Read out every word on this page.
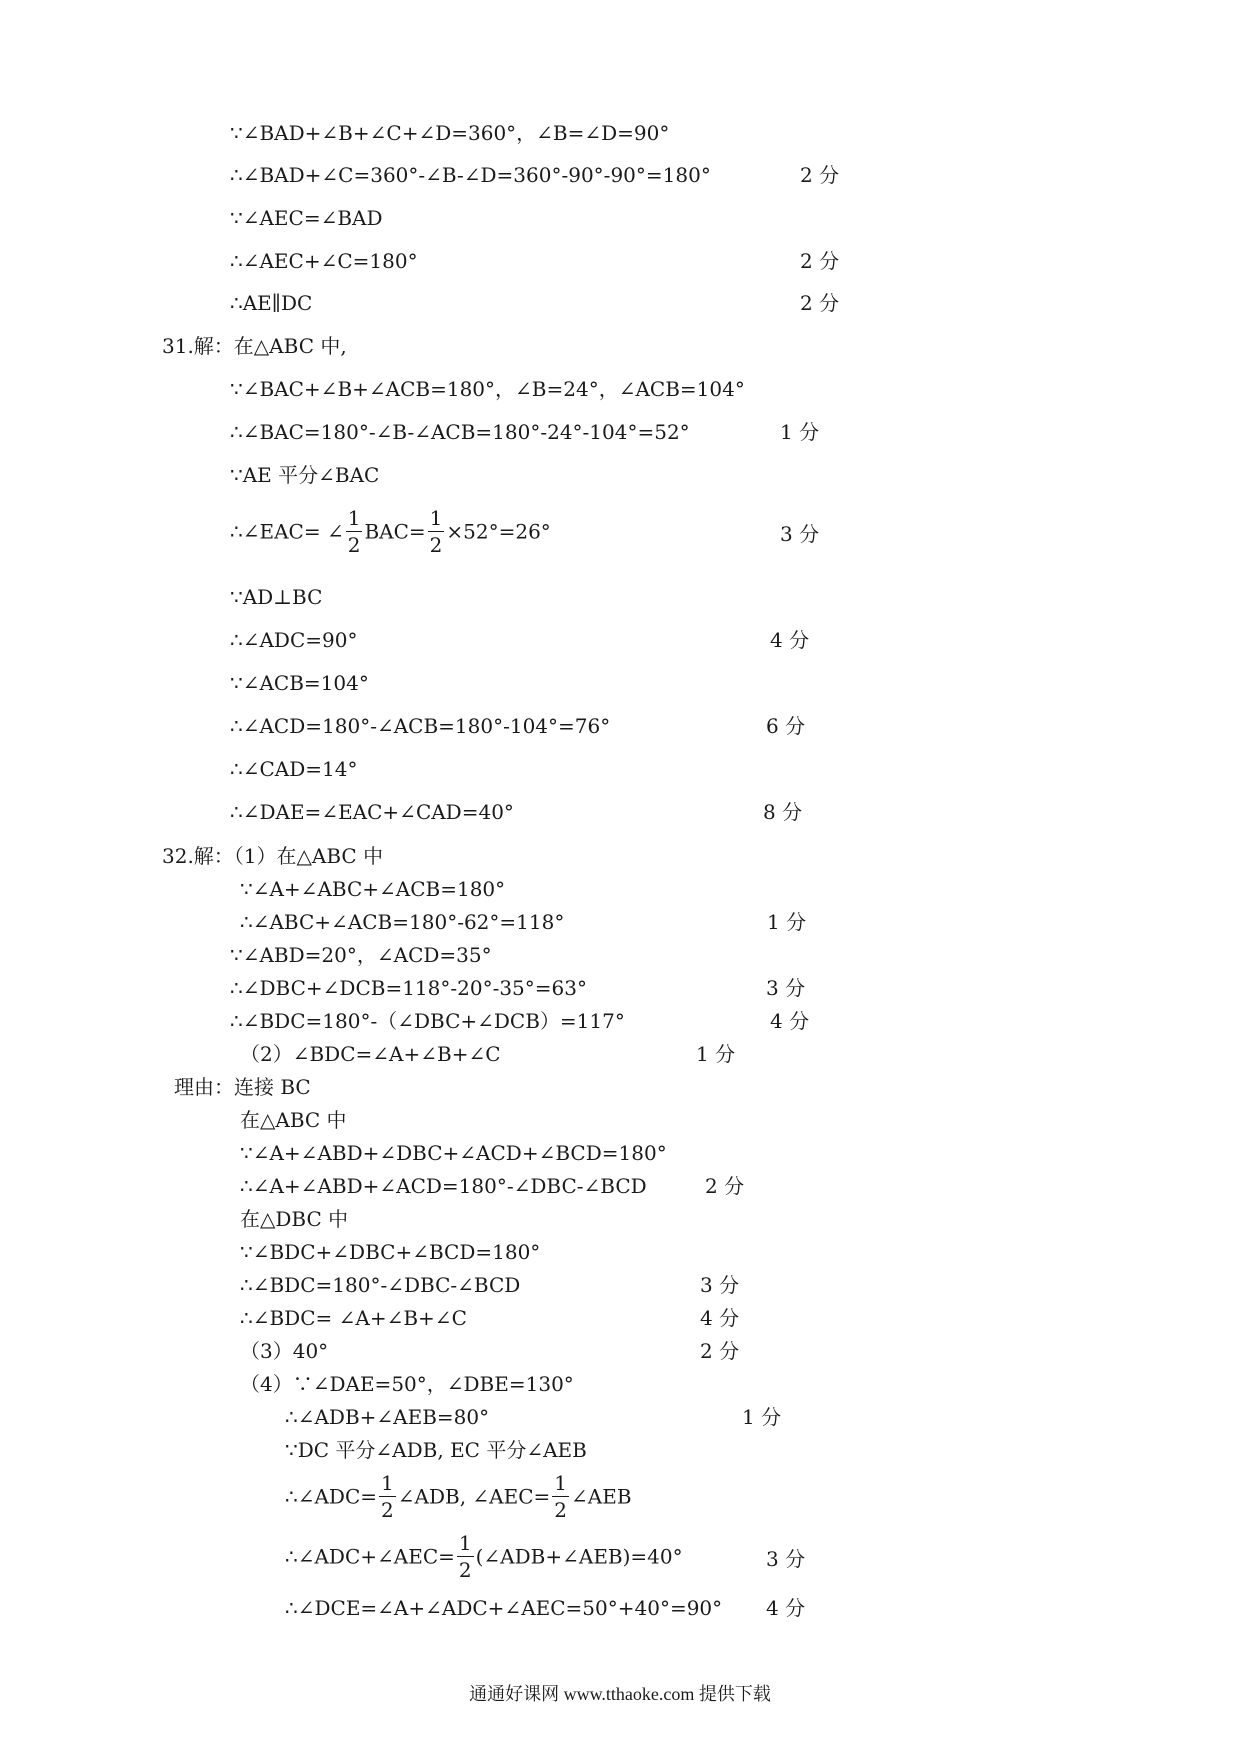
∵∠BAD+∠B+∠C+∠D=360°，∠B=∠D=90°
∴∠BAD+∠C=360°-∠B-∠D=360°-90°-90°=180°	2 分
∵∠AEC=∠BAD
∴∠AEC+∠C=180°	2 分
∴AE∥DC	2 分
31.解：在△ABC 中,
∵∠BAC+∠B+∠ACB=180°，∠B=24°，∠ACB=104°
∴∠BAC=180°-∠B-∠ACB=180°-24°-104°=52°	1 分
∵AE 平分∠BAC
∴∠EAC= ∠ $\frac{1}{2} BAC= \frac{1}{2} \times 52^\circ=26^\circ$	3 分
∵AD⊥BC
∴∠ADC=90°	4 分
∵∠ACB=104°
∴∠ACD=180°-∠ACB=180°-104°=76°	6 分
∴∠CAD=14°
∴∠DAE=∠EAC+∠CAD=40°	8 分
32.解：（1）在△ABC 中
∵∠A+∠ABC+∠ACB=180°
∴∠ABC+∠ACB=180°-62°=118°	1 分
∵∠ABD=20°，∠ACD=35°
∴∠DBC+∠DCB=118°-20°-35°=63°	3 分
∴∠BDC=180°-（∠DBC+∠DCB）=117°	4 分
（2）∠BDC=∠A+∠B+∠C	1 分
理由：连接 BC
在△ABC 中
∵∠A+∠ABD+∠DBC+∠ACD+∠BCD=180°
∴∠A+∠ABD+∠ACD=180°-∠DBC-∠BCD	2 分
在△DBC 中
∵∠BDC+∠DBC+∠BCD=180°
∴∠BDC=180°-∠DBC-∠BCD	3 分
∴∠BDC= ∠A+∠B+∠C	4 分
（3）40°	2 分
（4）∵∠DAE=50°，∠DBE=130°
∴∠ADB+∠AEB=80°	1 分
∵DC 平分∠ADB, EC 平分∠AEB
∴∠ADC= $\frac{1}{2}$ ∠ADB, ∠AEC= $\frac{1}{2}$ ∠AEB
∴∠ADC+∠AEC= $\frac{1}{2}$ (∠ADB+∠AEB)=40°	3 分
∴∠DCE=∠A+∠ADC+∠AEC=50°+40°=90° 4 分
通通好课网 www.tthaoke.com 提供下载
